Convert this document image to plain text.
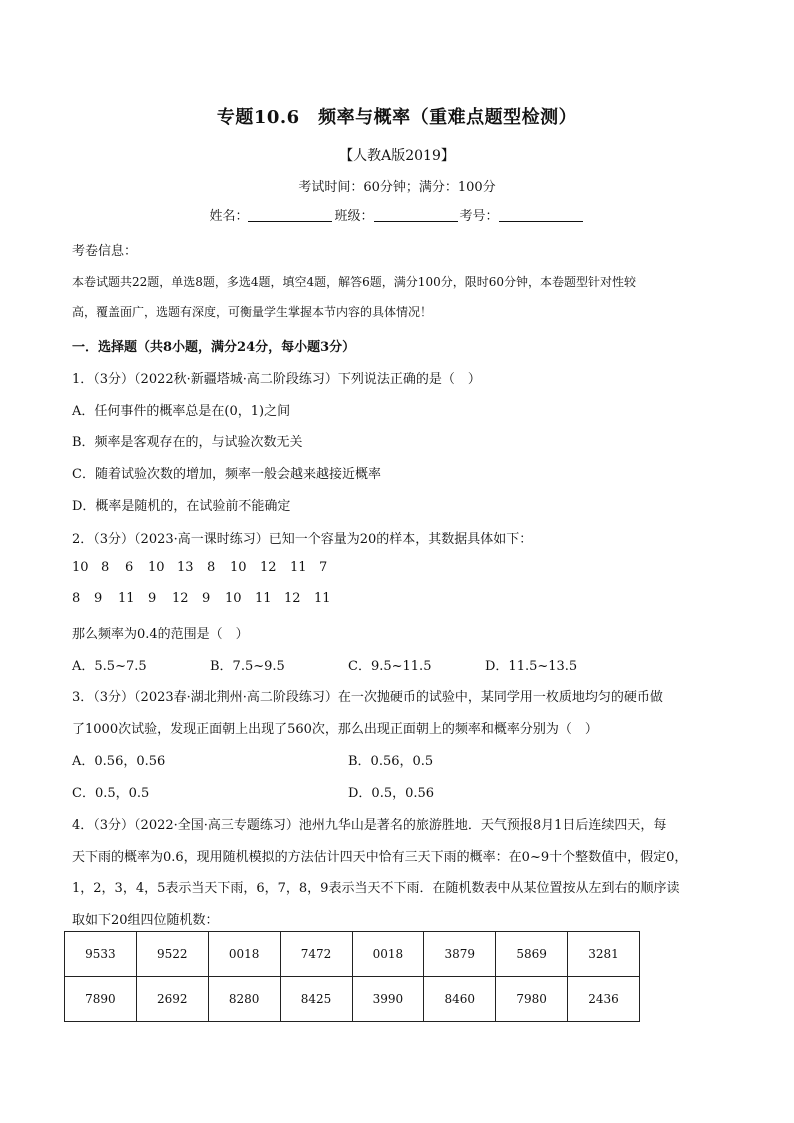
专题10.6　频率与概率（重难点题型检测）
【人教A版2019】
考试时间：60分钟；满分：100分
姓名：	班级：	考号：
考卷信息：
本卷试题共22题，单选8题，多选4题，填空4题，解答6题，满分100分，限时60分钟，本卷题型针对性较
高，覆盖面广，选题有深度，可衡量学生掌握本节内容的具体情况！
一．选择题（共8小题，满分24分，每小题3分）
1．（3分）（2022秋·新疆塔城·高二阶段练习）下列说法正确的是（　）
A．任何事件的概率总是在(0，1)之间
B．频率是客观存在的，与试验次数无关
C．随着试验次数的增加，频率一般会越来越接近概率
D．概率是随机的，在试验前不能确定
2．（3分）（2023·高一课时练习）已知一个容量为20的样本，其数据具体如下：
10 8 6 10 13 8 10 12 11 7
8 9 11 9 12 9 10 11 12 11
那么频率为0.4的范围是（　）
A．5.5~7.5	B．7.5~9.5	C．9.5~11.5	D．11.5~13.5
3．（3分）（2023春·湖北荆州·高二阶段练习）在一次抛硬币的试验中，某同学用一枚质地均匀的硬币做
了1000次试验，发现正面朝上出现了560次，那么出现正面朝上的频率和概率分别为（　）
A．0.56，0.56	B．0.56，0.5
C．0.5，0.5	D．0.5，0.56
4．（3分）（2022·全国·高三专题练习）池州九华山是著名的旅游胜地．天气预报8月1日后连续四天，每
天下雨的概率为0.6，现用随机模拟的方法估计四天中恰有三天下雨的概率：在0~9十个整数值中，假定0，
1，2，3，4，5表示当天下雨，6，7，8，9表示当天不下雨．在随机数表中从某位置按从左到右的顺序读
取如下20组四位随机数：
9533	9522	0018	7472	0018	3879	5869	3281
7890	2692	8280	8425	3990	8460	7980	2436
